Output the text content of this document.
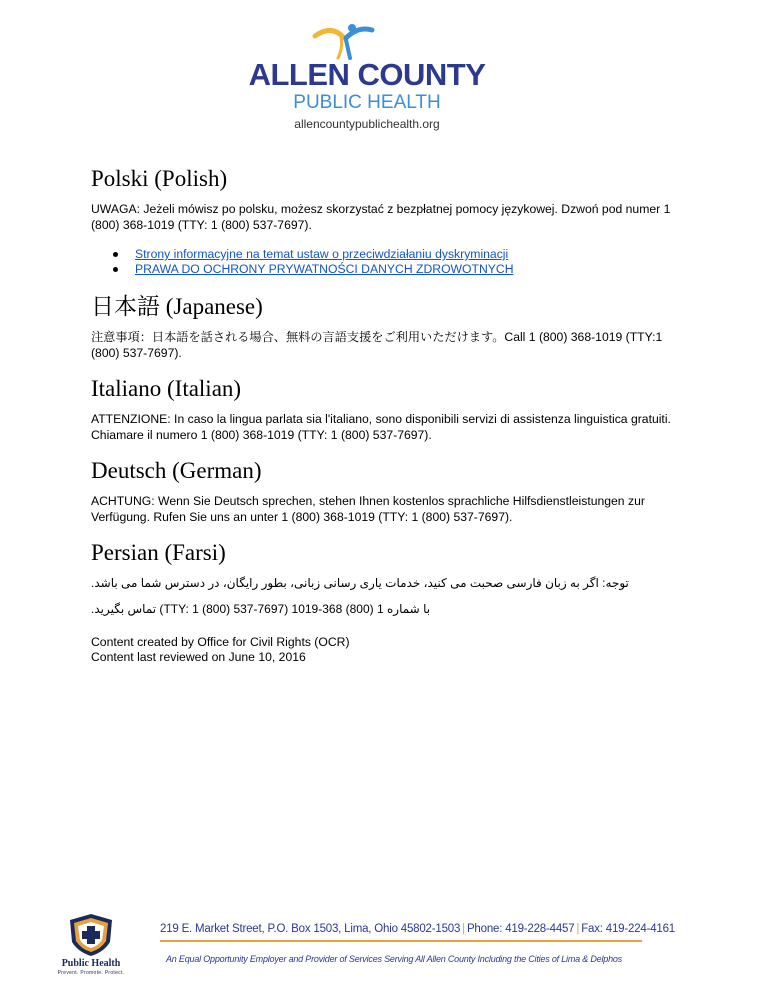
ALLEN COUNTY
PUBLIC HEALTH
allencountypublichealth.org
Polski (Polish)

UWAGA: Jeżeli mówisz po polsku, możesz skorzystać z bezpłatnej pomocy językowej. Dzwoń pod numer 1 (800) 368-1019 (TTY: 1 (800) 537-7697).

Strony informacyjne na temat ustaw o przeciwdziałaniu dyskryminacji
PRAWA DO OCHRONY PRYWATNOŚCI DANYCH ZDROWOTNYCH
日本語 (Japanese)

注意事項：日本語を話される場合、無料の言語支援をご利用いただけます。Call 1 (800) 368-1019 (TTY:1 (800) 537-7697).

Italiano (Italian)

ATTENZIONE: In caso la lingua parlata sia l'italiano, sono disponibili servizi di assistenza linguistica gratuiti. Chiamare il numero 1 (800) 368-1019 (TTY: 1 (800) 537-7697).

Deutsch (German)

ACHTUNG: Wenn Sie Deutsch sprechen, stehen Ihnen kostenlos sprachliche Hilfsdienstleistungen zur Verfügung. Rufen Sie uns an unter 1 (800) 368-1019 (TTY: 1 (800) 537-7697).

Persian (Farsi)

توجه: اگر به زبان فارسی صحبت می کنید، خدمات یاری رسانی زبانی، بطور رایگان، در دسترس شما می باشد.

با شماره 1 (800) 368-1019 (TTY: 1 (800) 537-7697) تماس بگیرید.

Content created by Office for Civil Rights (OCR)
Content last reviewed on June 10, 2016
Public Health
Prevent. Promote. Protect.
219 E. Market Street, P.O. Box 1503, Lima, Ohio 45802-1503 | Phone: 419-228-4457 | Fax: 419-224-4161
An Equal Opportunity Employer and Provider of Services Serving All Allen County Including the Cities of Lima & Delphos
